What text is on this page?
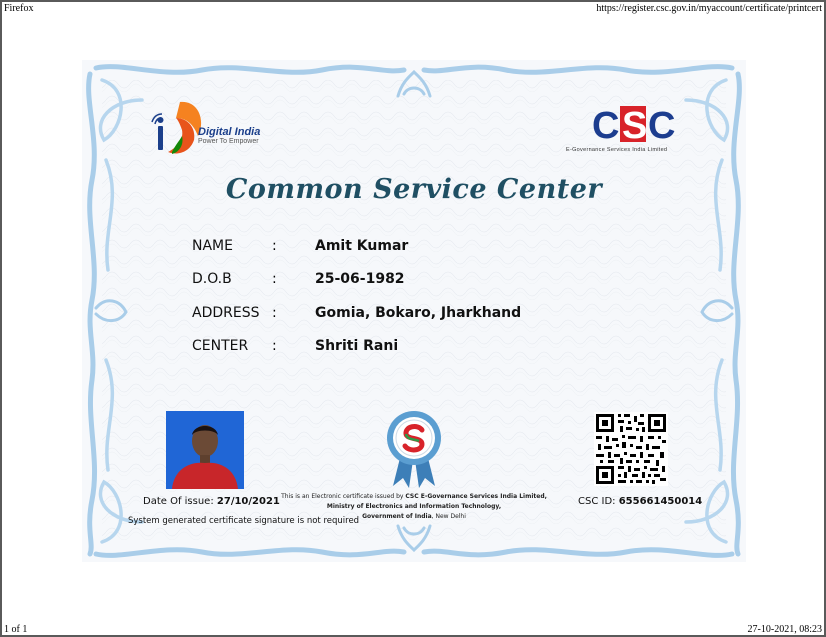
Firefox	https://register.csc.gov.in/myaccount/certificate/printcert
1 of 1	27-10-2021, 08:23
Digital India
Power To Empower	C S C
E-Governance Services India Limited
Common Service Center
NAME	:	Amit Kumar
D.O.B	:	25-06-1982
ADDRESS :	Gomia, Bokaro, Jharkhand
CENTER :	Shriti Rani
Date Of issue: 27/10/2021
System generated certificate signature is not required
This is an Electronic certificate issued by CSC E-Governance Services India Limited,
Ministry of Electronics and Information Technology,
Government of India, New Delhi
CSC ID: 655661450014
